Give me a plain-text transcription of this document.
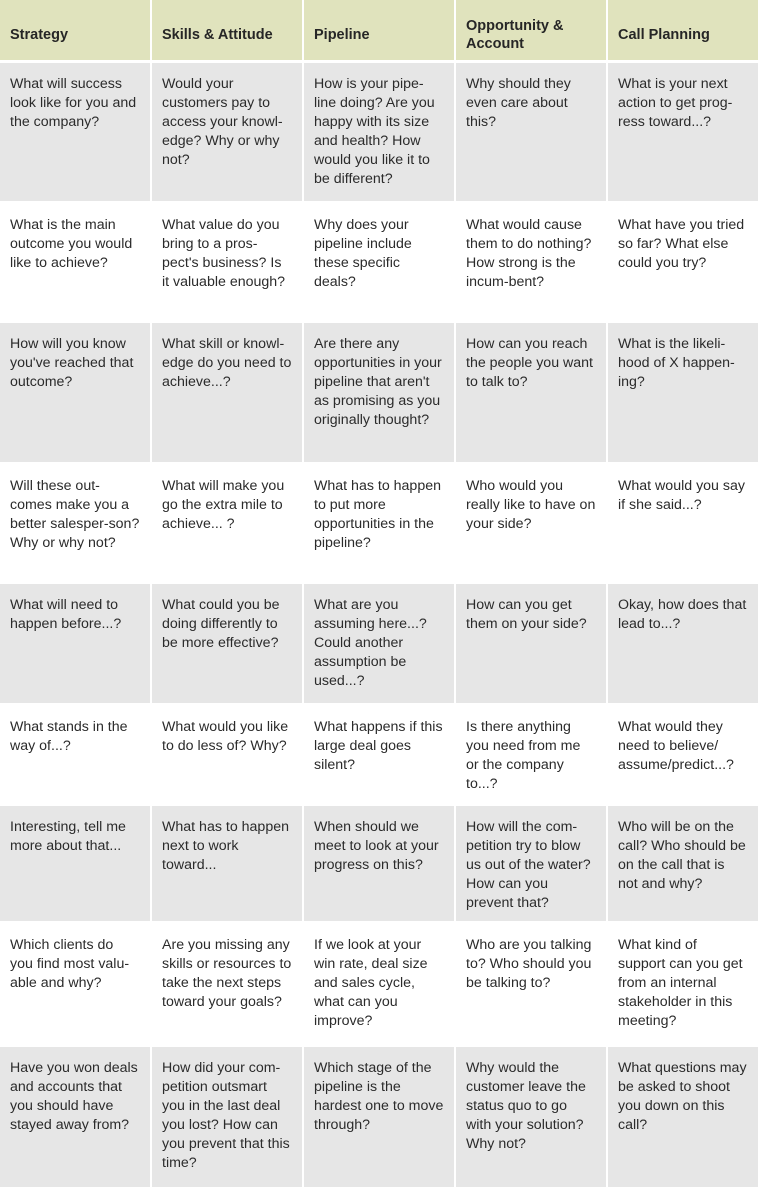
Strategy	Skills & Attitude	Pipeline
Opportunity &
Account
Call Planning
What will success look like for you and the company?
Would your customers pay to access your knowl-edge? Why or why not?
How is your pipe-line doing? Are you happy with its size and health? How would you like it to be different?
Why should they even care about this?
What is your next action to get prog-ress toward...?
What is the main outcome you would like to achieve?
What value do you bring to a pros-pect's business? Is it valuable enough?
Why does your pipeline include these specific deals?
What would cause them to do nothing? How strong is the incum-bent?
What have you tried so far? What else could you try?
How will you know you've reached that outcome?
What skill or knowl-edge do you need to achieve...?
Are there any opportunities in your pipeline that aren't as promising as you originally thought?
How can you reach the people you want to talk to?
What is the likeli-hood of X happen-ing?
Will these out-comes make you a better salesper-son? Why or why not?
What will make you go the extra mile to achieve... ?
What has to happen to put more opportunities in the pipeline?
Who would you really like to have on your side?
What would you say if she said...?
What will need to happen before...?
What could you be doing differently to be more effective?
What are you assuming here...? Could another assumption be used...?
How can you get them on your side?
Okay, how does that lead to...?
What stands in the way of...?
What would you like to do less of? Why?
What happens if this large deal goes silent?
Is there anything you need from me or the company to...?
What would they need to believe/ assume/predict...?
Interesting, tell me more about that...
What has to happen next to work toward...
When should we meet to look at your progress on this?
How will the com-petition try to blow us out of the water? How can you prevent that?
Who will be on the call? Who should be on the call that is not and why?
Which clients do you find most valu-able and why?
Are you missing any skills or resources to take the next steps toward your goals?
If we look at your win rate, deal size and sales cycle, what can you improve?
Who are you talking to? Who should you be talking to?
What kind of support can you get from an internal stakeholder in this meeting?
Have you won deals and accounts that you should have stayed away from?
How did your com-petition outsmart you in the last deal you lost? How can you prevent that this time?
Which stage of the pipeline is the hardest one to move through?
Why would the customer leave the status quo to go with your solution? Why not?
What questions may be asked to shoot you down on this call?
